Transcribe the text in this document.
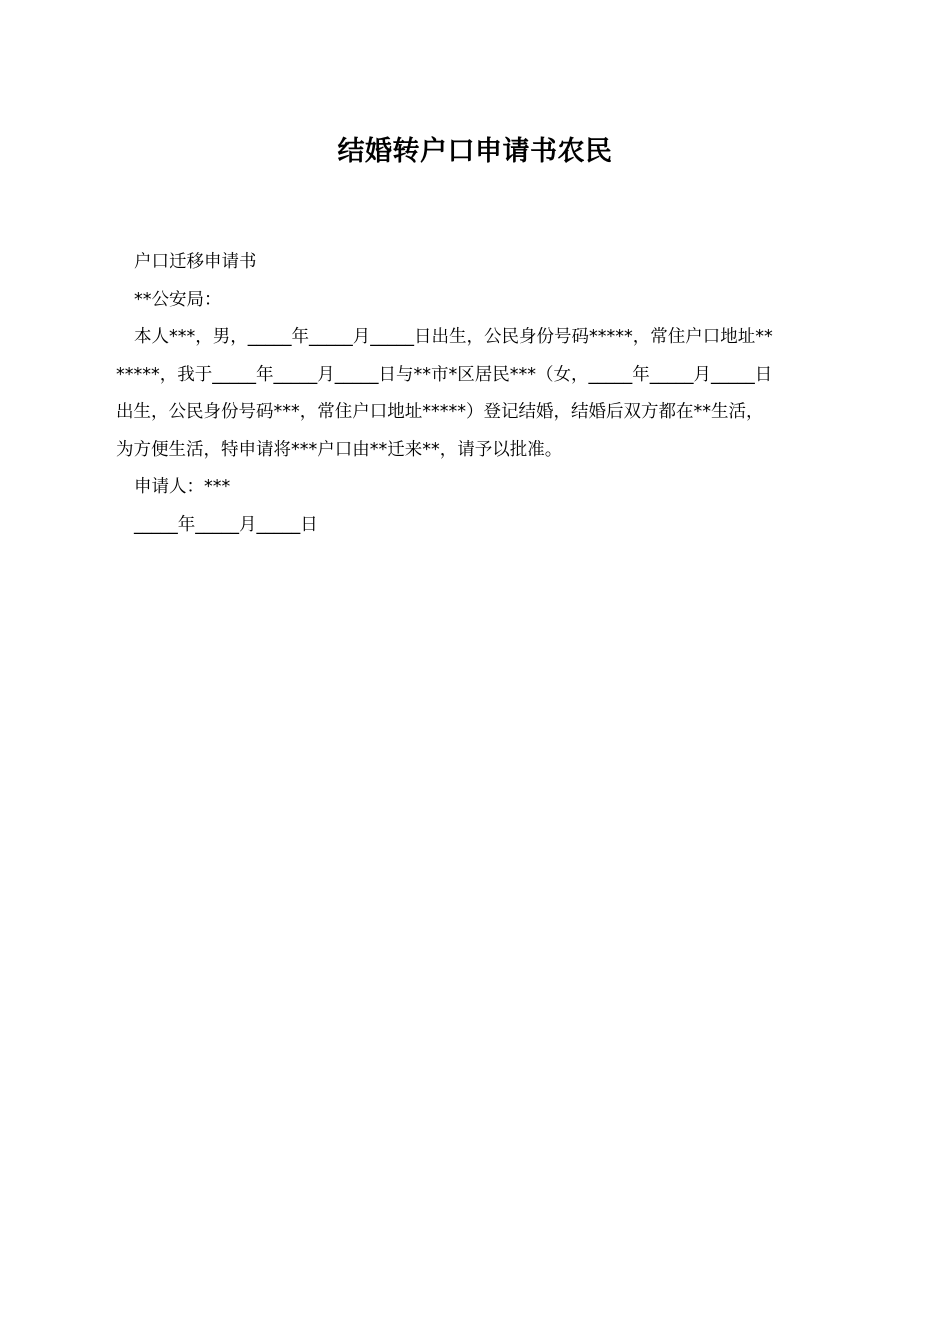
结婚转户口申请书农民

户口迁移申请书

**公安局：

本人***，男，_____年_____月_____日出生，公民身份号码*****，常住户口地址**

*****，我于_____年_____月_____日与**市*区居民***（女，_____年_____月_____日

出生，公民身份号码***，常住户口地址*****）登记结婚，结婚后双方都在**生活，

为方便生活，特申请将***户口由**迁来**，请予以批准。

申请人：***

_____年_____月_____日
